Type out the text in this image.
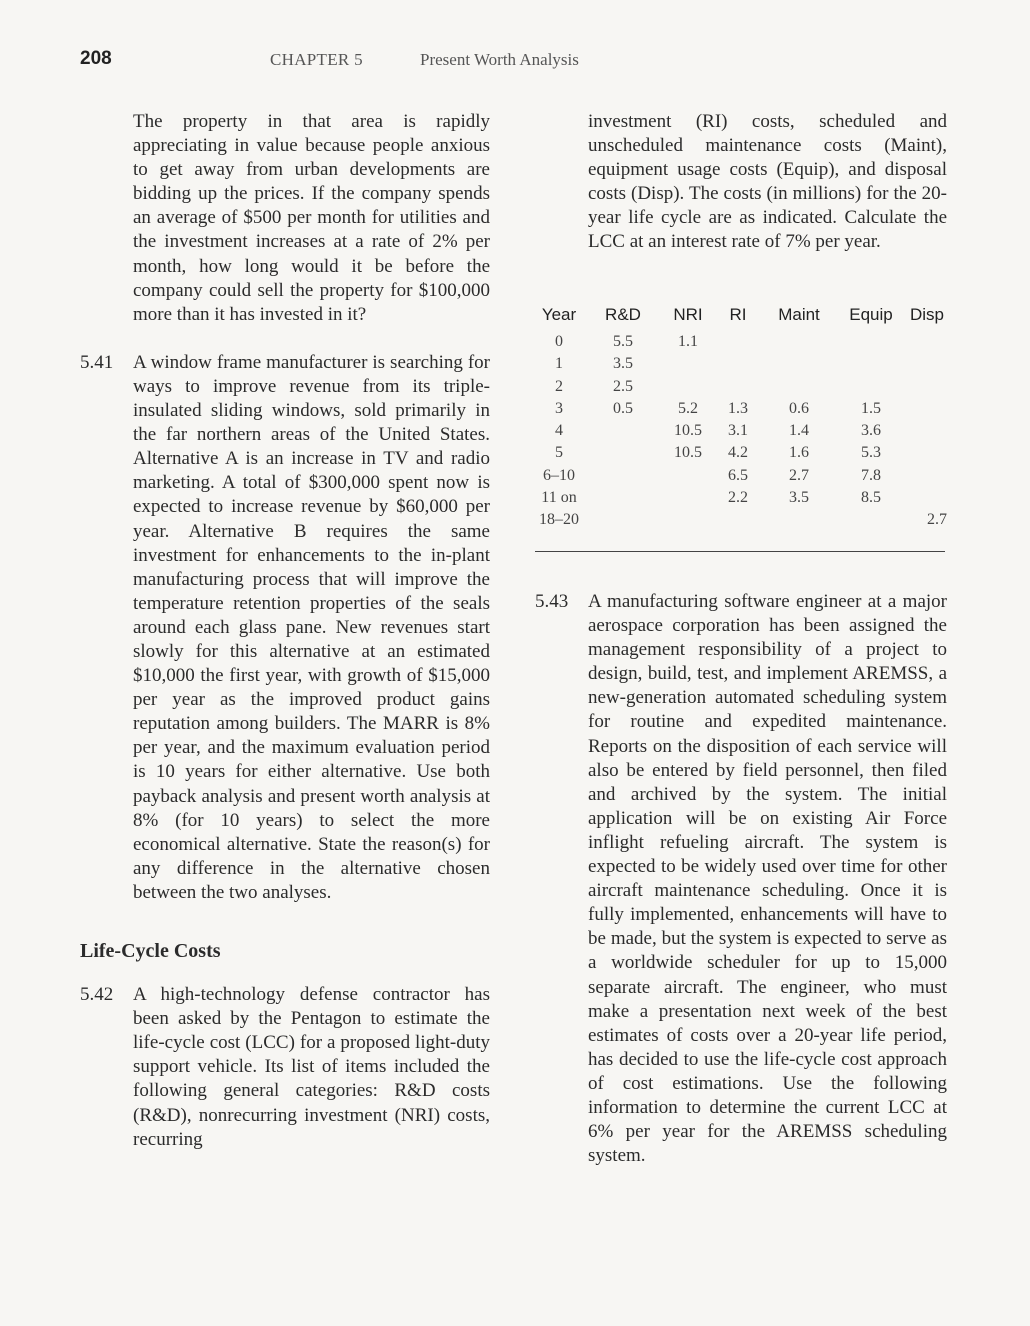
208	CHAPTER 5	Present Worth Analysis

The property in that area is rapidly appreciating in value because people anxious to get away from urban developments are bidding up the prices. If the company spends an average of $500 per month for utilities and the investment increases at a rate of 2% per month, how long would it be before the company could sell the property for $100,000 more than it has invested in it?

5.41 A window frame manufacturer is searching for ways to improve revenue from its triple-insulated sliding windows, sold primarily in the far northern areas of the United States. Alternative A is an increase in TV and radio marketing. A total of $300,000 spent now is expected to increase revenue by $60,000 per year. Alternative B requires the same investment for enhancements to the in-plant manufacturing process that will improve the temperature retention properties of the seals around each glass pane. New revenues start slowly for this alternative at an estimated $10,000 the first year, with growth of $15,000 per year as the improved product gains reputation among builders. The MARR is 8% per year, and the maximum evaluation period is 10 years for either alternative. Use both payback analysis and present worth analysis at 8% (for 10 years) to select the more economical alternative. State the reason(s) for any difference in the alternative chosen between the two analyses.

Life-Cycle Costs

5.42 A high-technology defense contractor has been asked by the Pentagon to estimate the life-cycle cost (LCC) for a proposed light-duty support vehicle. Its list of items included the following general categories: R&D costs (R&D), nonrecurring investment (NRI) costs, recurring

investment (RI) costs, scheduled and unscheduled maintenance costs (Maint), equipment usage costs (Equip), and disposal costs (Disp). The costs (in millions) for the 20-year life cycle are as indicated. Calculate the LCC at an interest rate of 7% per year.

Year	R&D	NRI	RI	Maint	Equip	Disp
0	5.5	1.1				
1	3.5					
2	2.5					
3	0.5	5.2	1.3	0.6	1.5	
4		10.5	3.1	1.4	3.6	
5		10.5	4.2	1.6	5.3	
6–10			6.5	2.7	7.8	
11 on			2.2	3.5	8.5	
18–20						2.7
5.43 A manufacturing software engineer at a major aerospace corporation has been assigned the management responsibility of a project to design, build, test, and implement AREMSS, a new-generation automated scheduling system for routine and expedited maintenance. Reports on the disposition of each service will also be entered by field personnel, then filed and archived by the system. The initial application will be on existing Air Force inflight refueling aircraft. The system is expected to be widely used over time for other aircraft maintenance scheduling. Once it is fully implemented, enhancements will have to be made, but the system is expected to serve as a worldwide scheduler for up to 15,000 separate aircraft. The engineer, who must make a presentation next week of the best estimates of costs over a 20-year life period, has decided to use the life-cycle cost approach of cost estimations. Use the following information to determine the current LCC at 6% per year for the AREMSS scheduling system.
